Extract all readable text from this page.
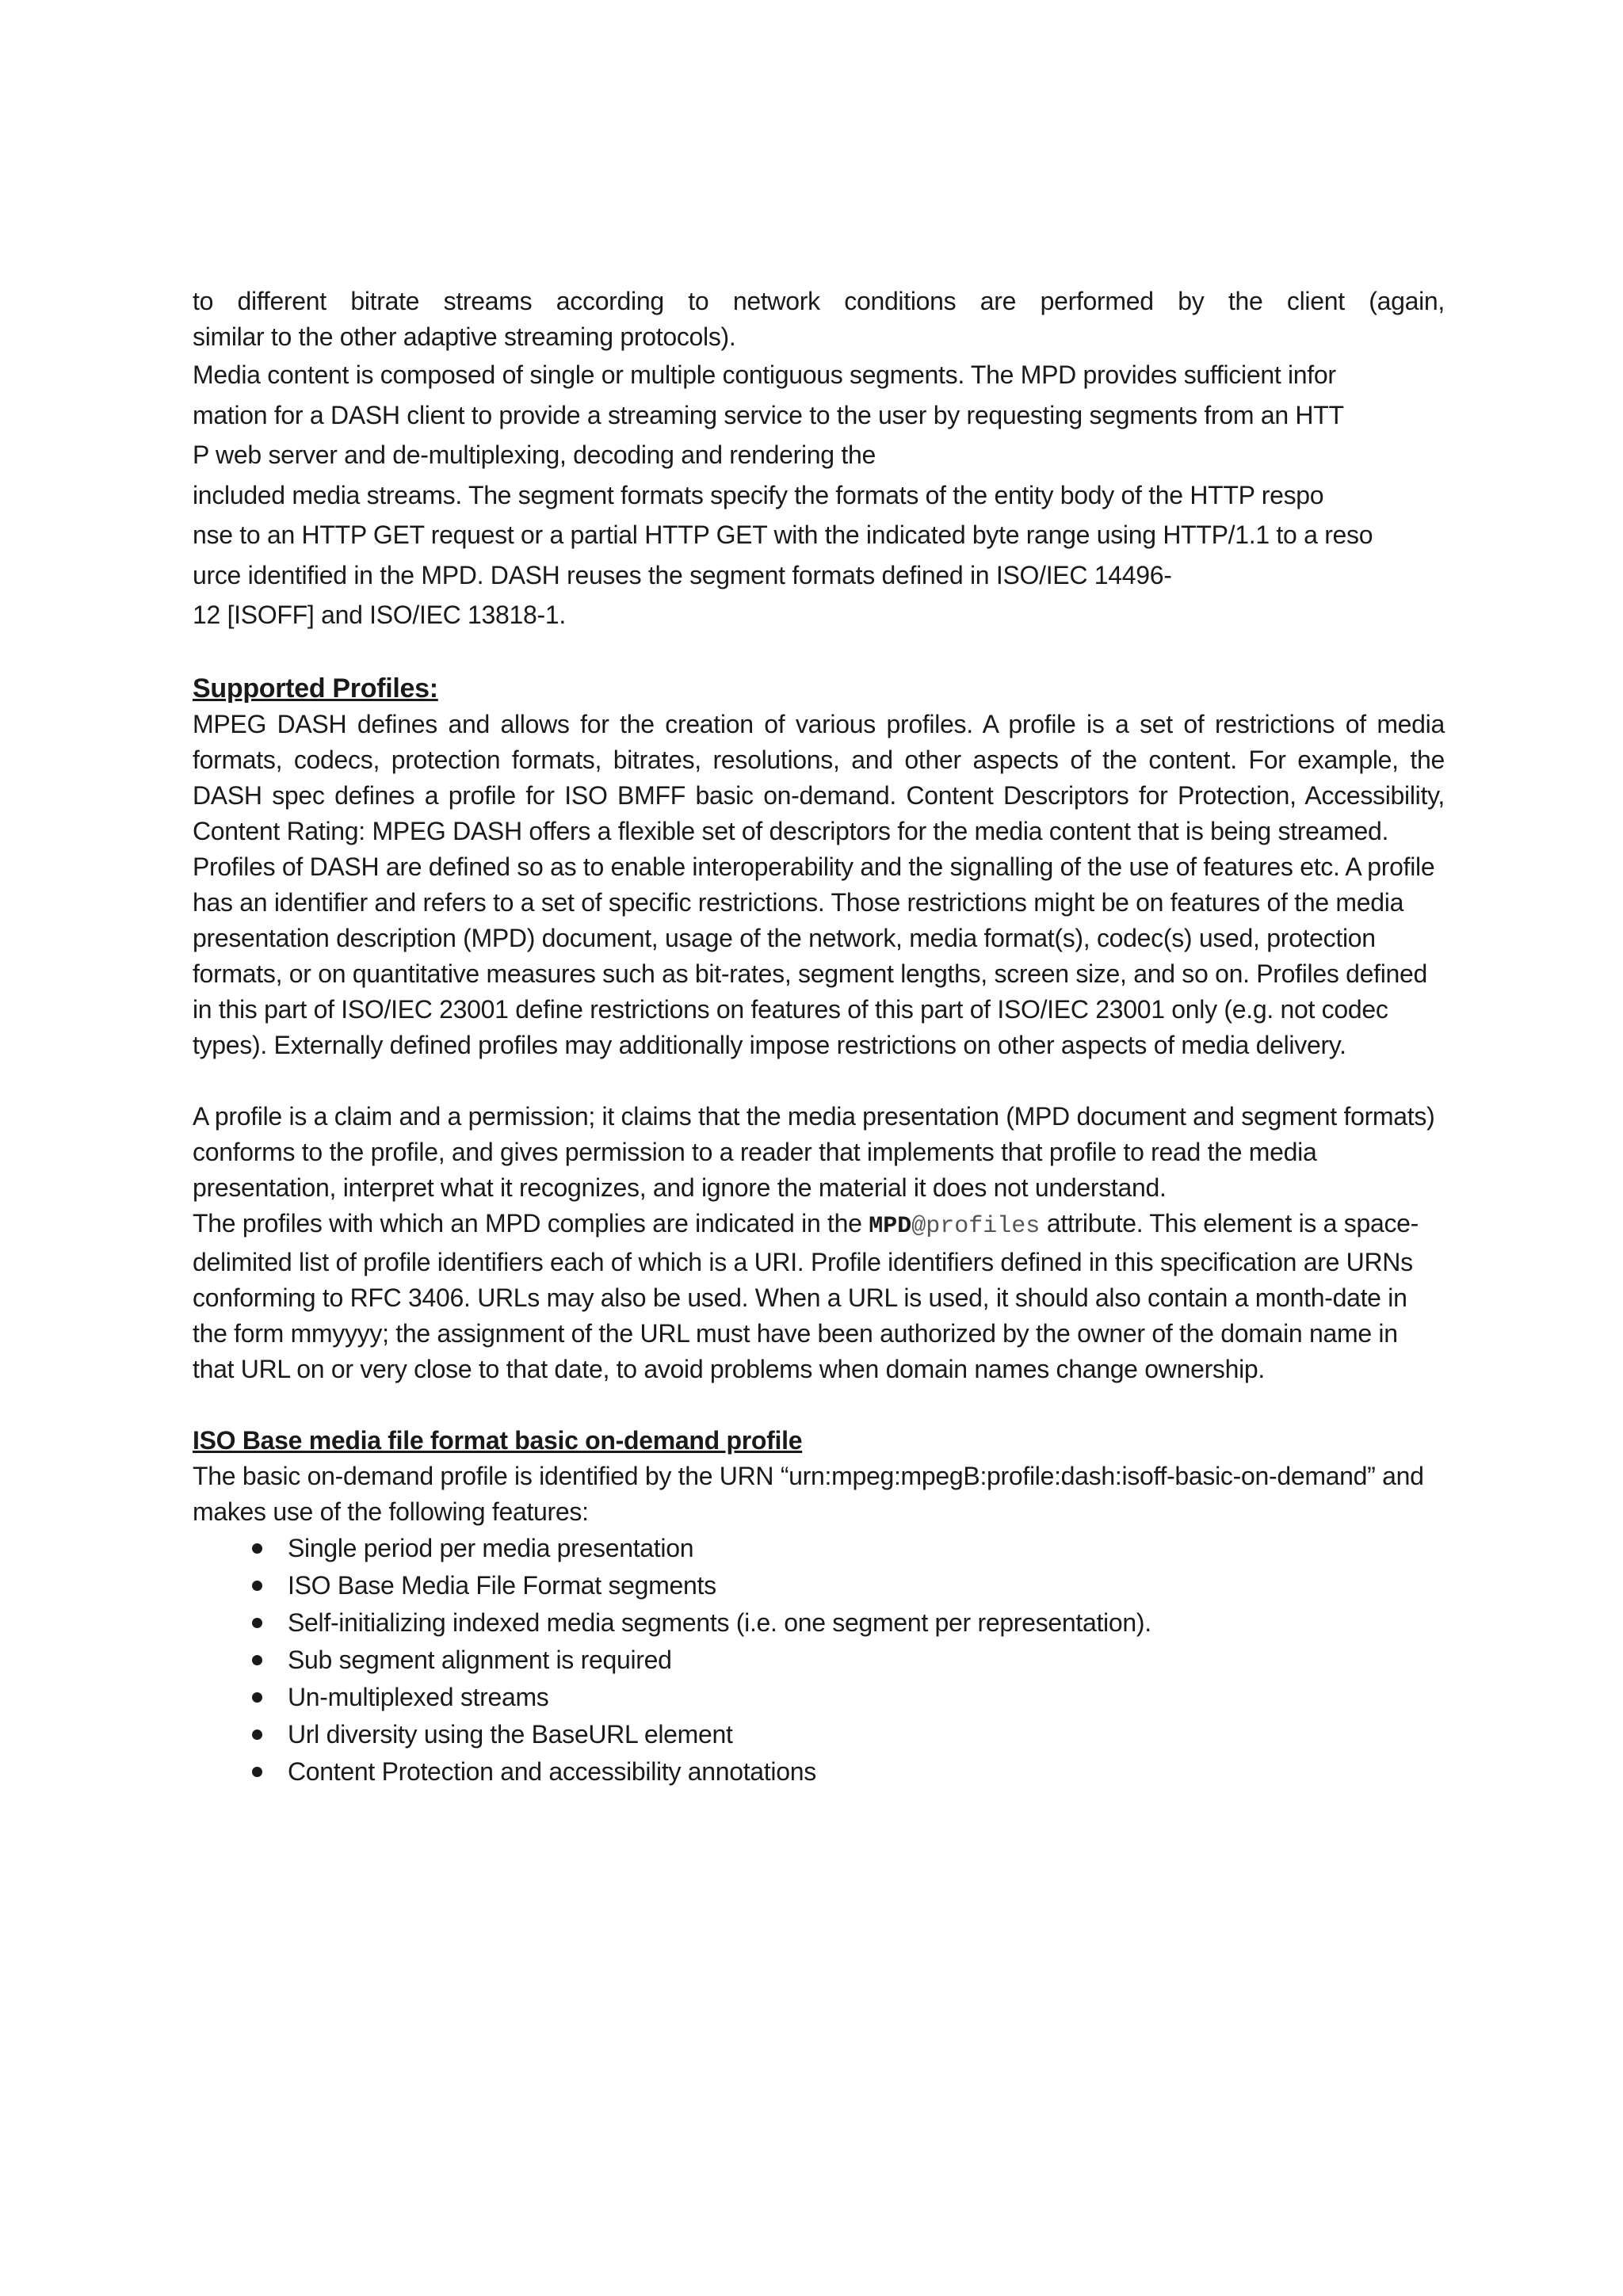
to different bitrate streams according to network conditions are performed by the client (again,

similar to the other adaptive streaming protocols).

Media content is composed of single or multiple contiguous segments. The MPD provides sufficient infor
mation for a DASH client to provide a streaming service to the user by requesting segments from an HTT
P web server and de-multiplexing, decoding and rendering the
included media streams. The segment formats specify the formats of the entity body of the HTTP respo
nse to an HTTP GET request or a partial HTTP GET with the indicated byte range using HTTP/1.1 to a reso
urce identified in the MPD. DASH reuses the segment formats defined in ISO/IEC 14496-
12 [ISOFF] and ISO/IEC 13818-1.
Supported Profiles:

MPEG DASH defines and allows for the creation of various profiles. A profile is a set of restrictions of media formats, codecs, protection formats, bitrates, resolutions, and other aspects of the content. For example, the DASH spec defines a profile for ISO BMFF basic on-demand. Content Descriptors for Protection, Accessibility, Content Rating: MPEG DASH offers a flexible set of descriptors for the media content that is being streamed.

Profiles of DASH are defined so as to enable interoperability and the signalling of the use of features etc. A profile has an identifier and refers to a set of specific restrictions. Those restrictions might be on features of the media presentation description (MPD) document, usage of the network, media format(s), codec(s) used, protection formats, or on quantitative measures such as bit-rates, segment lengths, screen size, and so on. Profiles defined in this part of ISO/IEC 23001 define restrictions on features of this part of ISO/IEC 23001 only (e.g. not codec types). Externally defined profiles may additionally impose restrictions on other aspects of media delivery.

A profile is a claim and a permission; it claims that the media presentation (MPD document and segment formats) conforms to the profile, and gives permission to a reader that implements that profile to read the media presentation, interpret what it recognizes, and ignore the material it does not understand.

The profiles with which an MPD complies are indicated in the MPD@profiles attribute. This element is a space-delimited list of profile identifiers each of which is a URI. Profile identifiers defined in this specification are URNs conforming to RFC 3406. URLs may also be used. When a URL is used, it should also contain a month-date in the form mmyyyy; the assignment of the URL must have been authorized by the owner of the domain name in that URL on or very close to that date, to avoid problems when domain names change ownership.

ISO Base media file format basic on-demand profile

The basic on-demand profile is identified by the URN “urn:mpeg:mpegB:profile:dash:isoff-basic-on-demand” and makes use of the following features:

Single period per media presentation
ISO Base Media File Format segments
Self-initializing indexed media segments (i.e. one segment per representation).
Sub segment alignment is required
Un-multiplexed streams
Url diversity using the BaseURL element
Content Protection and accessibility annotations
